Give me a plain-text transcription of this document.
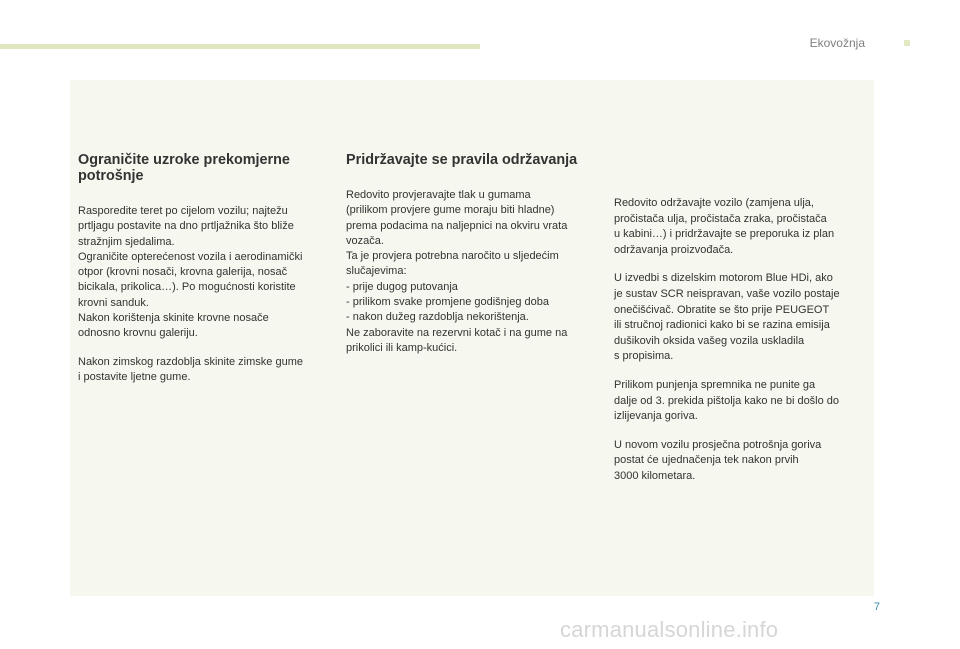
Ekovožnja
Ograničite uzroke prekomjerne potrošnje

Rasporedite teret po cijelom vozilu; najtežu
prtljagu postavite na dno prtljažnika što bliže
stražnjim sjedalima.
Ograničite opterećenost vozila i aerodinamički
otpor (krovni nosači, krovna galerija, nosač
bicikala, prikolica…). Po mogućnosti koristite
krovni sanduk.
Nakon korištenja skinite krovne nosače
odnosno krovnu galeriju.

Nakon zimskog razdoblja skinite zimske gume
i postavite ljetne gume.

Pridržavajte se pravila održavanja

Redovito provjeravajte tlak u gumama
(prilikom provjere gume moraju biti hladne)
prema podacima na naljepnici na okviru vrata
vozača.
Ta je provjera potrebna naročito u sljedećim
slučajevima:
- prije dugog putovanja
- prilikom svake promjene godišnjeg doba
- nakon dužeg razdoblja nekorištenja.
Ne zaboravite na rezervni kotač i na gume na
prikolici ili kamp-kućici.

Redovito održavajte vozilo (zamjena ulja,
pročistača ulja, pročistača zraka, pročistača
u kabini…) i pridržavajte se preporuka iz plan
održavanja proizvođača.

U izvedbi s dizelskim motorom Blue HDi, ako
je sustav SCR neispravan, vaše vozilo postaje
onečišćivač. Obratite se što prije PEUGEOT
ili stručnoj radionici kako bi se razina emisija
dušikovih oksida vašeg vozila uskladila
s propisima.

Prilikom punjenja spremnika ne punite ga
dalje od 3. prekida pištolja kako ne bi došlo do
izlijevanja goriva.

U novom vozilu prosječna potrošnja goriva
postat će ujednačenja tek nakon prvih
3000 kilometara.

7
carmanualsonline.info
